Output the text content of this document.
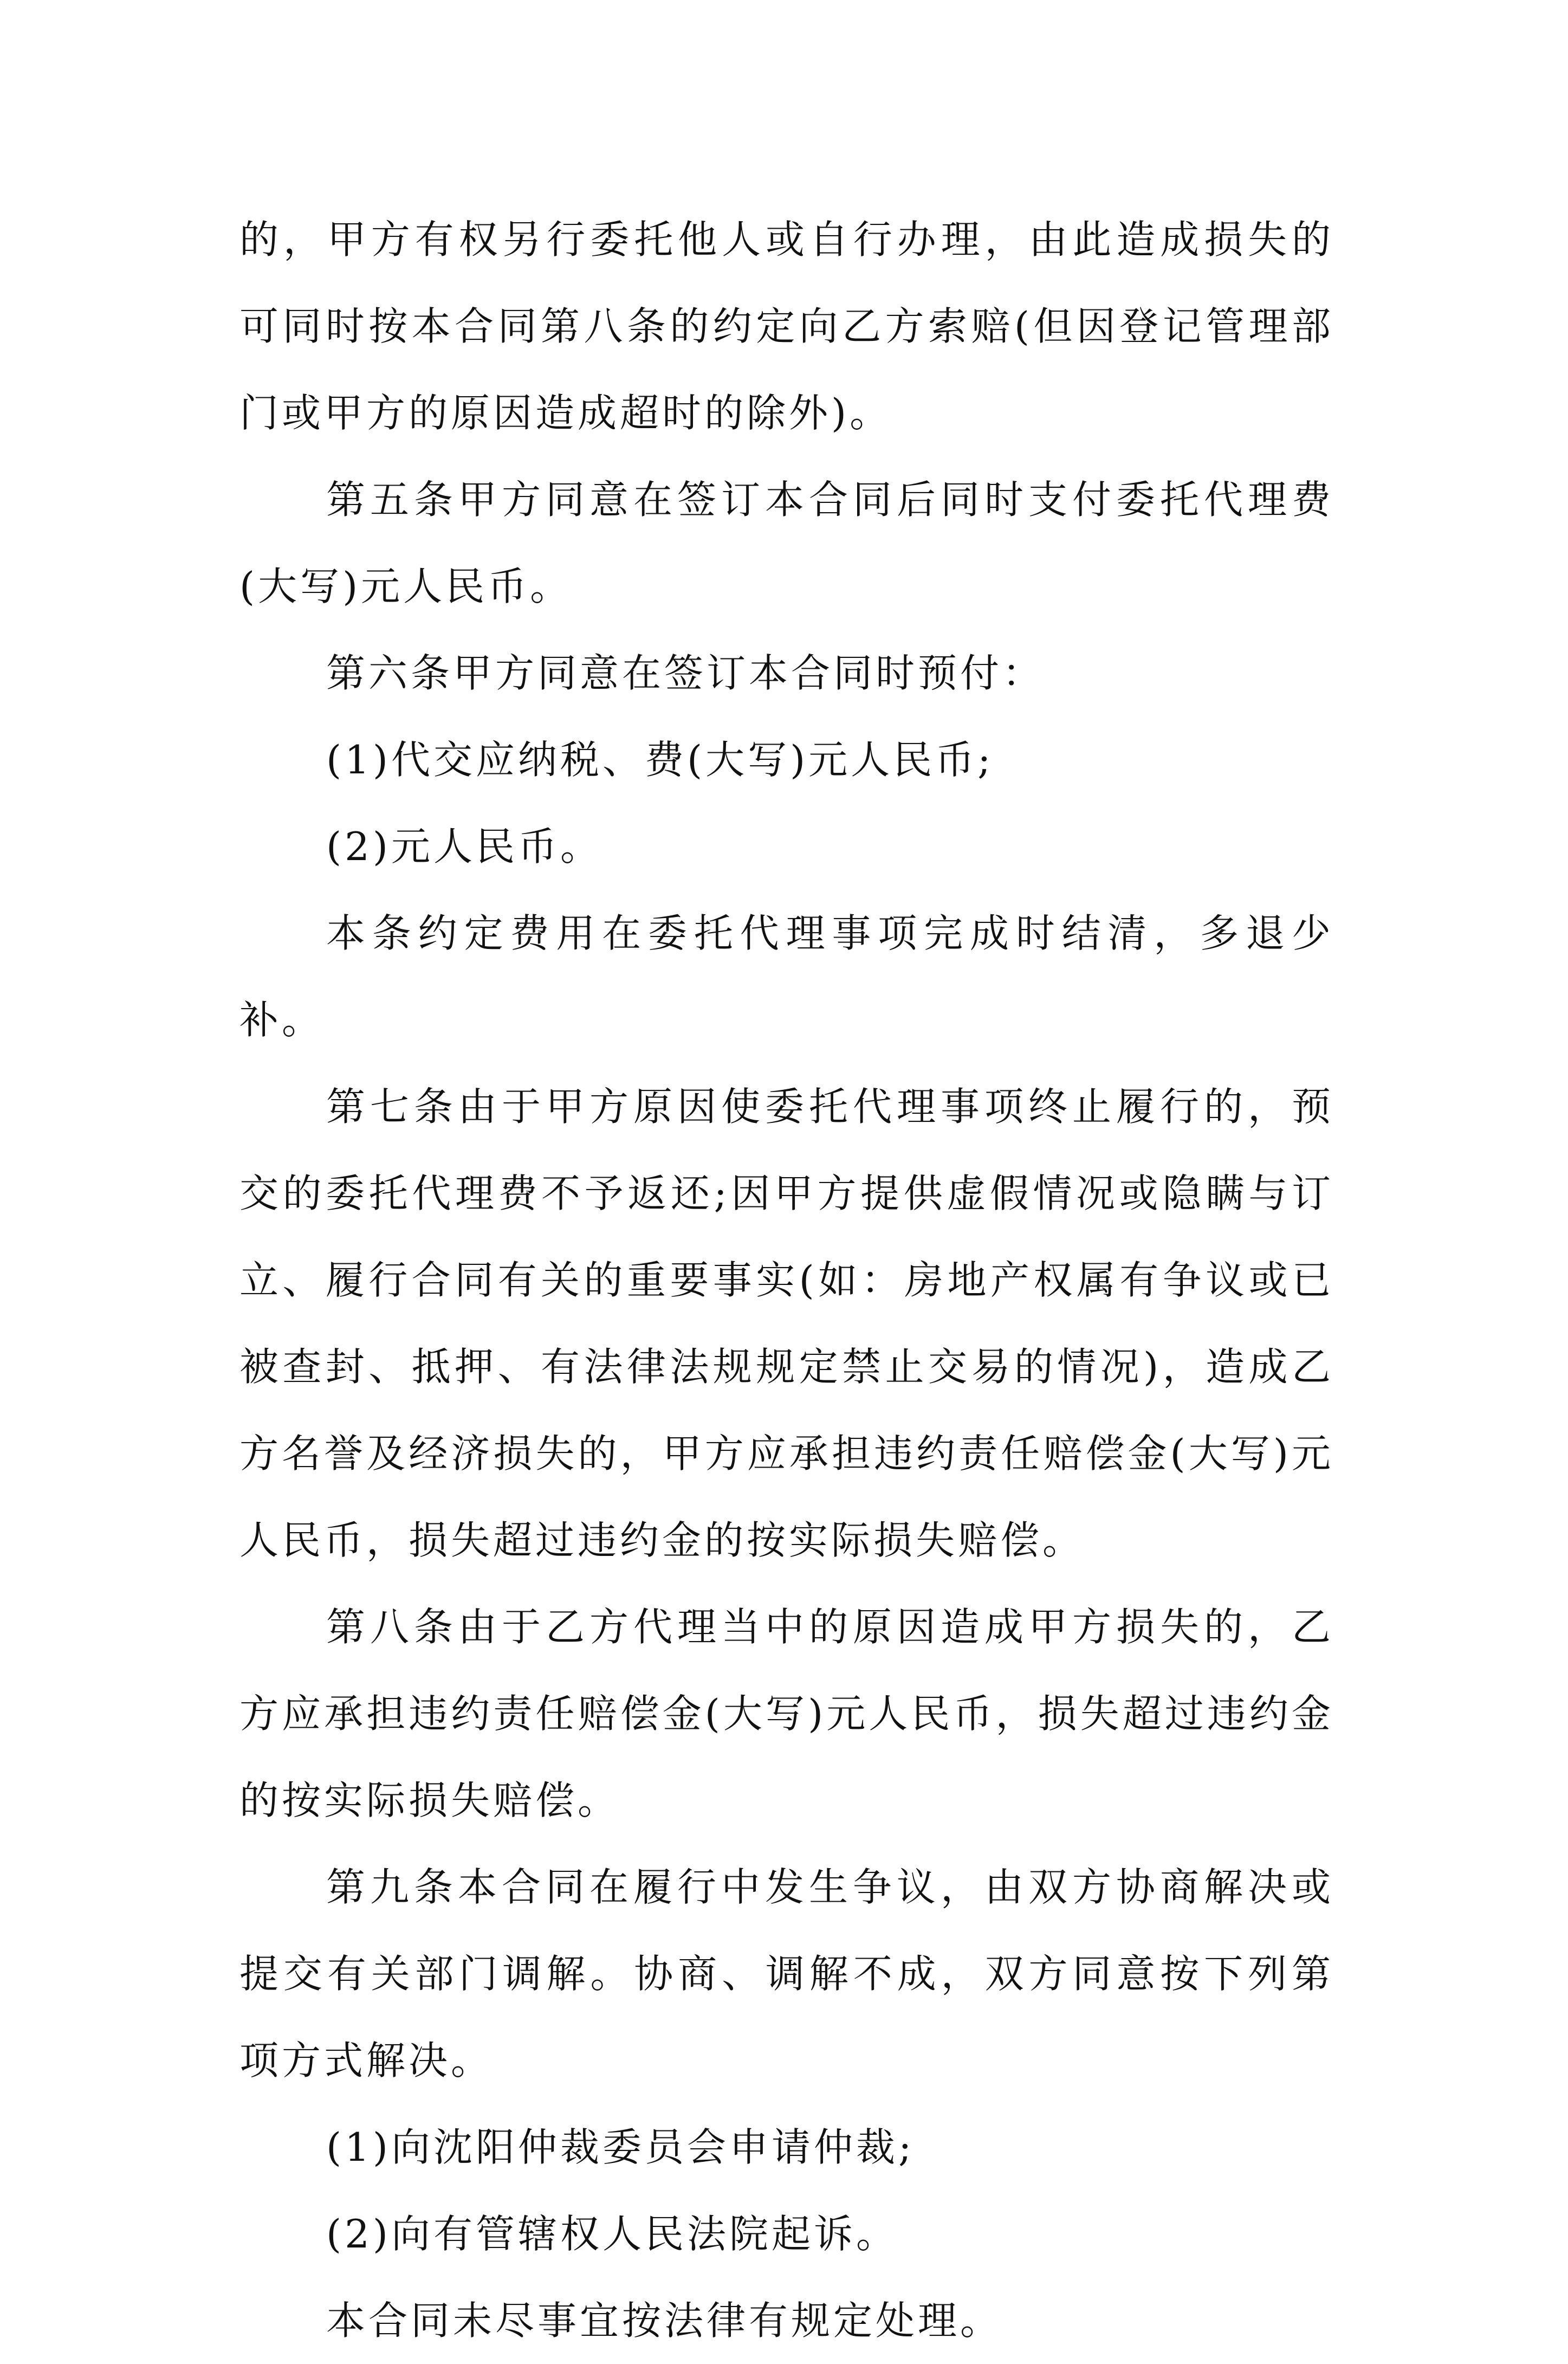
的，甲方有权另行委托他人或自行办理，由此造成损失的可同时按本合同第八条的约定向乙方索赔(但因登记管理部门或甲方的原因造成超时的除外)。

第五条甲方同意在签订本合同后同时支付委托代理费(大写)元人民币。

第六条甲方同意在签订本合同时预付：

(1)代交应纳税、费(大写)元人民币;

(2)元人民币。

本条约定费用在委托代理事项完成时结清，多退少补。

第七条由于甲方原因使委托代理事项终止履行的，预交的委托代理费不予返还;因甲方提供虚假情况或隐瞒与订立、履行合同有关的重要事实(如：房地产权属有争议或已被查封、抵押、有法律法规规定禁止交易的情况)，造成乙方名誉及经济损失的，甲方应承担违约责任赔偿金(大写)元人民币，损失超过违约金的按实际损失赔偿。

第八条由于乙方代理当中的原因造成甲方损失的，乙方应承担违约责任赔偿金(大写)元人民币，损失超过违约金的按实际损失赔偿。

第九条本合同在履行中发生争议，由双方协商解决或提交有关部门调解。协商、调解不成，双方同意按下列第项方式解决。

(1)向沈阳仲裁委员会申请仲裁;

(2)向有管辖权人民法院起诉。

本合同未尽事宜按法律有规定处理。
